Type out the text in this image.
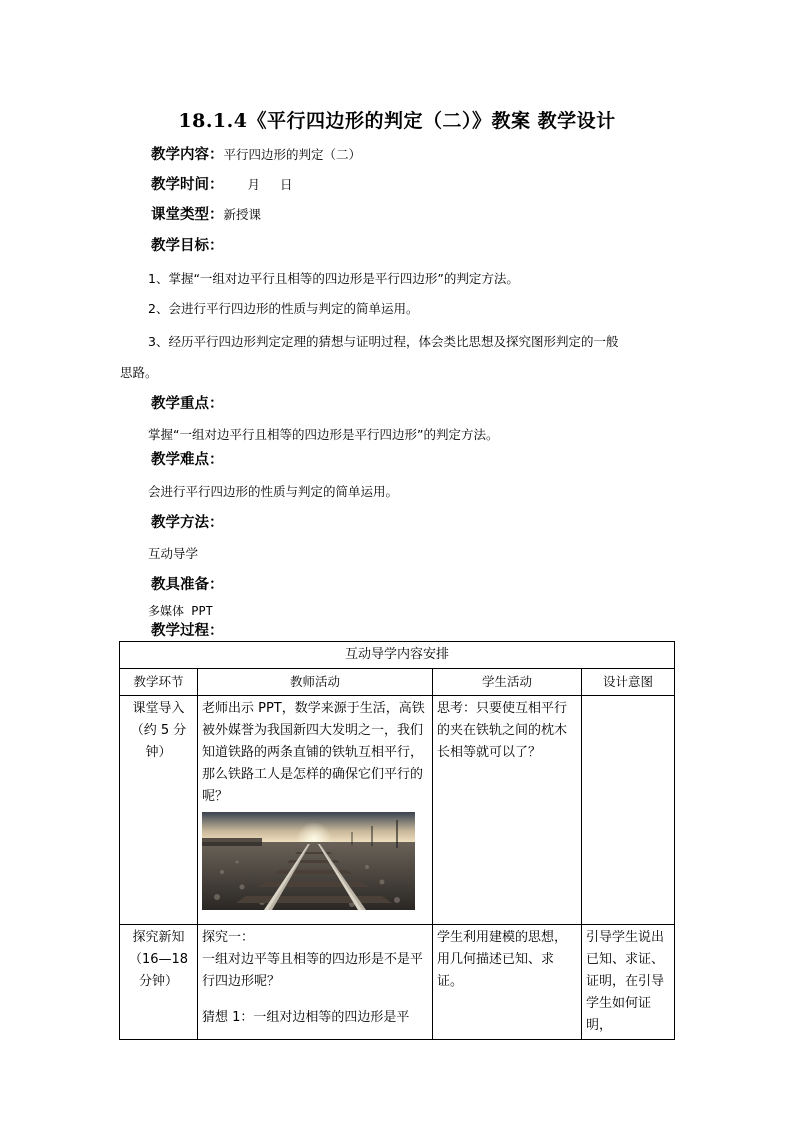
18.1.4《平行四边形的判定（二）》教案 教学设计
教学内容：平行四边形的判定（二）
教学时间： 月 日
课堂类型：新授课
教学目标：
1、掌握“一组对边平行且相等的四边形是平行四边形”的判定方法。
2、会进行平行四边形的性质与判定的简单运用。
3、经历平行四边形判定定理的猜想与证明过程，体会类比思想及探究图形判定的一般
思路。
教学重点：
掌握“一组对边平行且相等的四边形是平行四边形”的判定方法。
教学难点：
会进行平行四边形的性质与判定的简单运用。
教学方法：
互动导学
教具准备：
多媒体 PPT
教学过程：
互动导学内容安排			
教学环节	教师活动	学生活动	设计意图
课堂导入（约 5 分钟）	老师出示 PPT，数学来源于生活，高铁被外媒誉为我国新四大发明之一，我们知道铁路的两条直铺的铁轨互相平行，那么铁路工人是怎样的确保它们平行的呢？	思考：只要使互相平行的夹在铁轨之间的枕木长相等就可以了？	
探究新知（16—18 分钟）	探究一：
一组对边平等且相等的四边形是不是平行四边形呢？
猜想 1：一组对边相等的四边形是平	学生利用建模的思想，用几何描述已知、求证。	引导学生说出已知、求证、证明，在引导学生如何证明，
